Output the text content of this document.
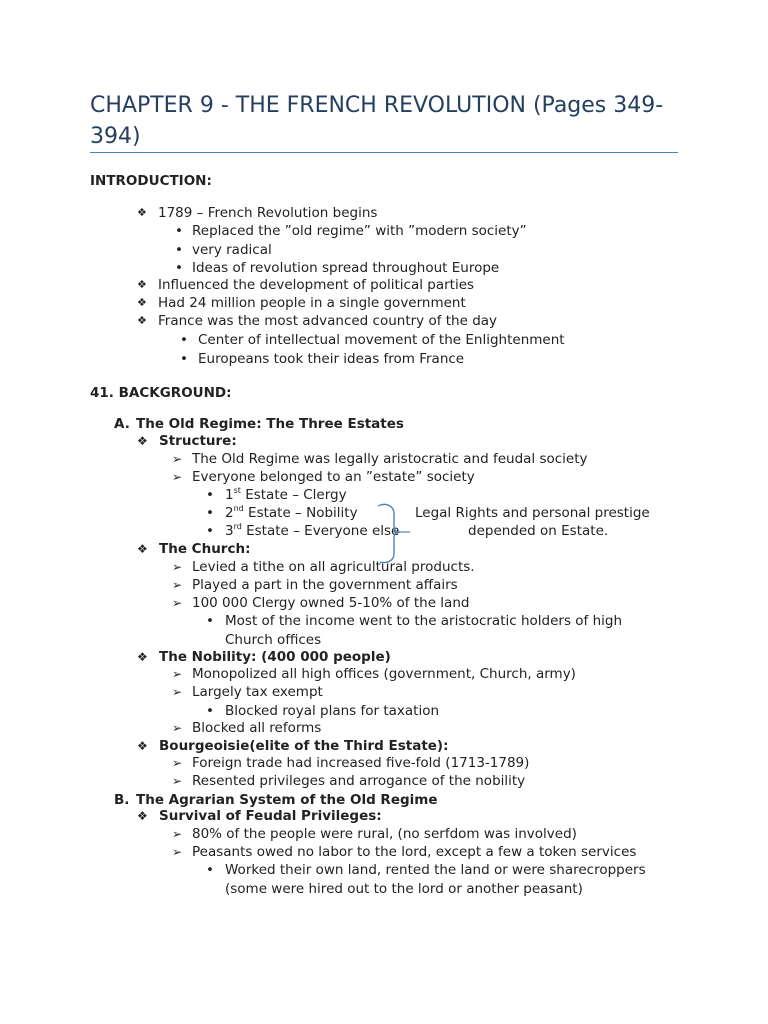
CHAPTER 9 - THE FRENCH REVOLUTION (Pages 349-394)
INTRODUCTION:
❖ 1789 – French Revolution begins
• Replaced the ”old regime” with ”modern society”
• very radical
• Ideas of revolution spread throughout Europe
❖ Influenced the development of political parties
❖ Had 24 million people in a single government
❖ France was the most advanced country of the day
• Center of intellectual movement of the Enlightenment
• Europeans took their ideas from France
41. BACKGROUND:
A. The Old Regime: The Three Estates
❖ Structure:
➢ The Old Regime was legally aristocratic and feudal society
➢ Everyone belonged to an ”estate” society
• 1st Estate – Clergy
• 2nd Estate – Nobility
• 3rd Estate – Everyone else
Legal Rights and personal prestige
depended on Estate.
❖ The Church:
➢ Levied a tithe on all agricultural products.
➢ Played a part in the government affairs
➢ 100 000 Clergy owned 5-10% of the land
• Most of the income went to the aristocratic holders of high
Church offices
❖ The Nobility: (400 000 people)
➢ Monopolized all high offices (government, Church, army)
➢ Largely tax exempt
• Blocked royal plans for taxation
➢ Blocked all reforms
❖ Bourgeoisie(elite of the Third Estate):
➢ Foreign trade had increased five-fold (1713-1789)
➢ Resented privileges and arrogance of the nobility
B. The Agrarian System of the Old Regime
❖ Survival of Feudal Privileges:
➢ 80% of the people were rural, (no serfdom was involved)
➢ Peasants owed no labor to the lord, except a few a token services
• Worked their own land, rented the land or were sharecroppers
(some were hired out to the lord or another peasant)
